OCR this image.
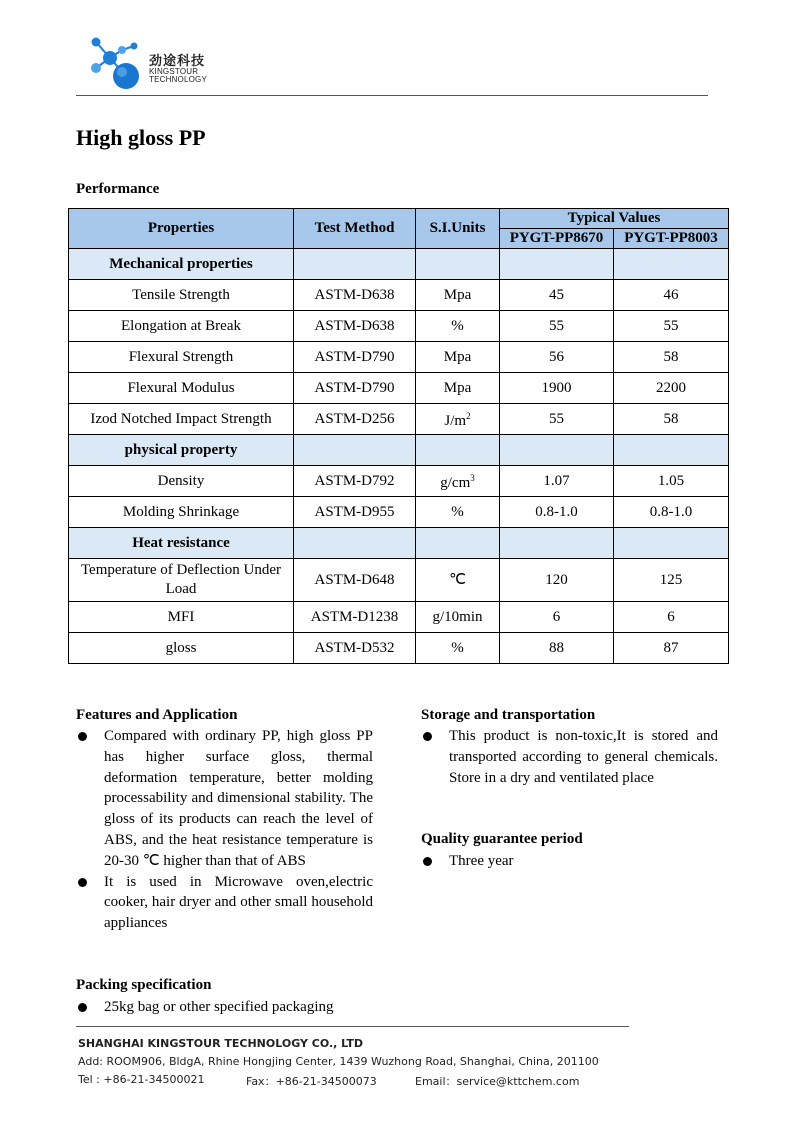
劲途科技
KINGSTOUR
TECHNOLOGY
High gloss PP
Performance
Properties	Test Method	S.I.Units	Typical Values	
			PYGT-PP8670	PYGT-PP8003
Mechanical properties				
Tensile Strength	ASTM-D638	Mpa	45	46
Elongation at Break	ASTM-D638	%	55	55
Flexural Strength	ASTM-D790	Mpa	56	58
Flexural Modulus	ASTM-D790	Mpa	1900	2200
Izod Notched Impact Strength	ASTM-D256	$J/m^2$	55	58
physical property				
Density	ASTM-D792	$g/cm^3$	1.07	1.05
Molding Shrinkage	ASTM-D955	%	0.8-1.0	0.8-1.0
Heat resistance				
Temperature of Deflection Under Load	ASTM-D648	℃	120	125
MFI	ASTM-D1238	g/10min	6	6
gloss	ASTM-D532	%	88	87
Features and Application
Compared with ordinary PP, high gloss PP has higher surface gloss, thermal deformation temperature, better molding processability and dimensional stability. The gloss of its products can reach the level of ABS, and the heat resistance temperature is 20-30 ℃ higher than that of ABS
It is used in Microwave oven,electric cooker, hair dryer and other small household appliances
Storage and transportation
This product is non-toxic,It is stored and transported according to general chemicals. Store in a dry and ventilated place
Quality guarantee period
Three year
Packing specification
25kg bag or other specified packaging
SHANGHAI KINGSTOUR TECHNOLOGY CO., LTD
Add: ROOM906, BldgA, Rhine Hongjing Center, 1439 Wuzhong Road, Shanghai, China, 201100
Tel : +86-21-34500021	Fax：+86-21-34500073	Email：service@kttchem.com
